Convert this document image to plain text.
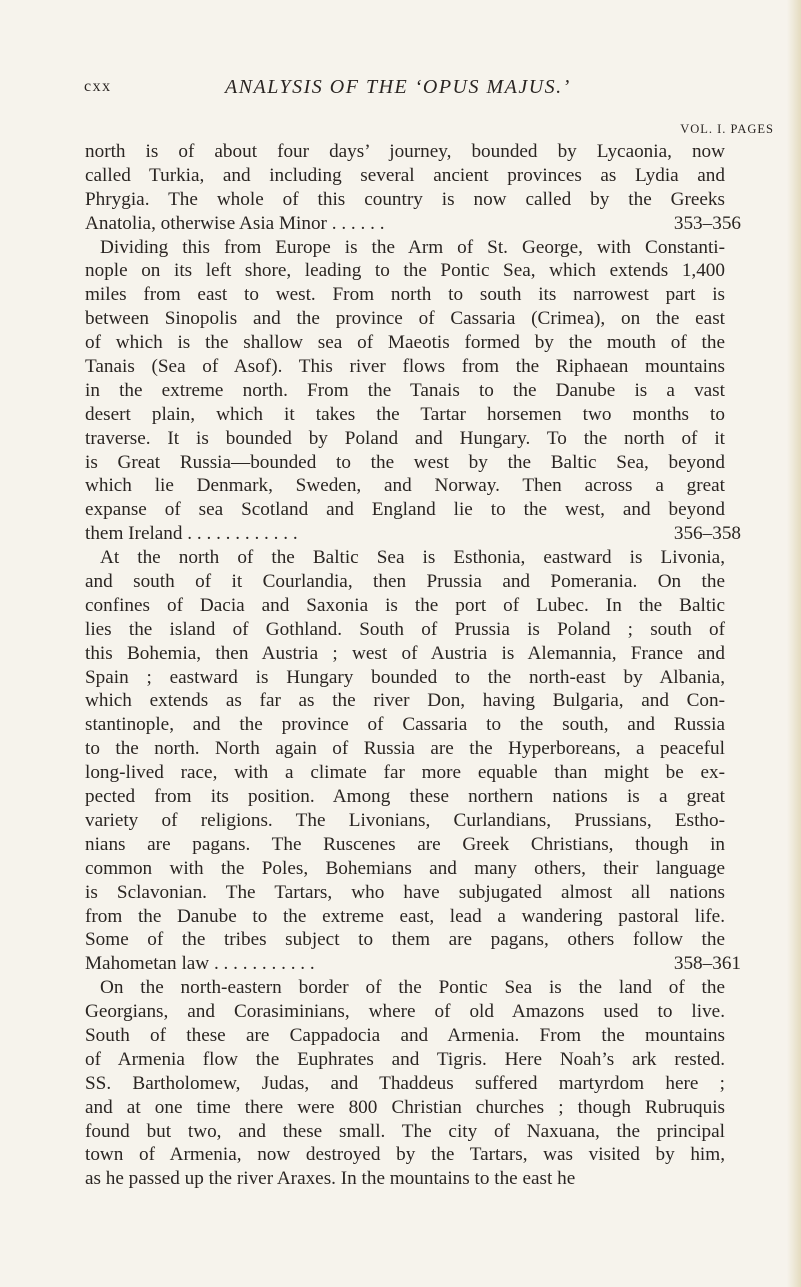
cxx	ANALYSIS OF THE ‘OPUS MAJUS.’
VOL. I. PAGES
north is of about four days’ journey, bounded by Lycaonia, now
called Turkia, and including several ancient provinces as Lydia and
Phrygia. The whole of this country is now called by the Greeks
Anatolia, otherwise Asia Minor . . . . . .	353–356
Dividing this from Europe is the Arm of St. George, with Constanti-
nople on its left shore, leading to the Pontic Sea, which extends 1,400
miles from east to west. From north to south its narrowest part is
between Sinopolis and the province of Cassaria (Crimea), on the east
of which is the shallow sea of Maeotis formed by the mouth of the
Tanais (Sea of Asof). This river flows from the Riphaean mountains
in the extreme north. From the Tanais to the Danube is a vast
desert plain, which it takes the Tartar horsemen two months to
traverse. It is bounded by Poland and Hungary. To the north of it
is Great Russia—bounded to the west by the Baltic Sea, beyond
which lie Denmark, Sweden, and Norway. Then across a great
expanse of sea Scotland and England lie to the west, and beyond
them Ireland . . . . . . . . . . . .	356–358
At the north of the Baltic Sea is Esthonia, eastward is Livonia,
and south of it Courlandia, then Prussia and Pomerania. On the
confines of Dacia and Saxonia is the port of Lubec. In the Baltic
lies the island of Gothland. South of Prussia is Poland ; south of
this Bohemia, then Austria ; west of Austria is Alemannia, France and
Spain ; eastward is Hungary bounded to the north-east by Albania,
which extends as far as the river Don, having Bulgaria, and Con-
stantinople, and the province of Cassaria to the south, and Russia
to the north. North again of Russia are the Hyperboreans, a peaceful
long-lived race, with a climate far more equable than might be ex-
pected from its position. Among these northern nations is a great
variety of religions. The Livonians, Curlandians, Prussians, Estho-
nians are pagans. The Ruscenes are Greek Christians, though in
common with the Poles, Bohemians and many others, their language
is Sclavonian. The Tartars, who have subjugated almost all nations
from the Danube to the extreme east, lead a wandering pastoral life.
Some of the tribes subject to them are pagans, others follow the
Mahometan law . . . . . . . . . . .	358–361
On the north-eastern border of the Pontic Sea is the land of the
Georgians, and Corasiminians, where of old Amazons used to live.
South of these are Cappadocia and Armenia. From the mountains
of Armenia flow the Euphrates and Tigris. Here Noah’s ark rested.
SS. Bartholomew, Judas, and Thaddeus suffered martyrdom here ;
and at one time there were 800 Christian churches ; though Rubruquis
found but two, and these small. The city of Naxuana, the principal
town of Armenia, now destroyed by the Tartars, was visited by him,
as he passed up the river Araxes. In the mountains to the east he
